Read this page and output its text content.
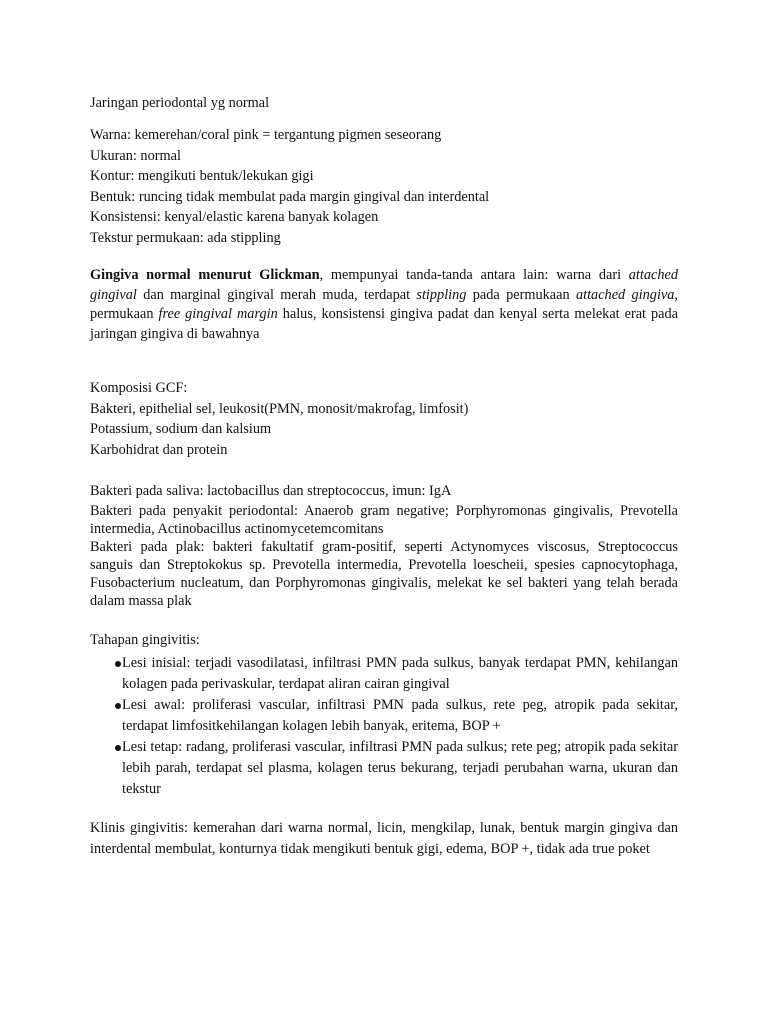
Jaringan periodontal yg normal

Warna: kemerehan/coral pink = tergantung pigmen seseorang
Ukuran: normal
Kontur: mengikuti bentuk/lekukan gigi
Bentuk: runcing tidak membulat pada margin gingival dan interdental
Konsistensi: kenyal/elastic karena banyak kolagen
Tekstur permukaan: ada stippling

Gingiva normal menurut Glickman, mempunyai tanda-tanda antara lain: warna dari attached gingival dan marginal gingival merah muda, terdapat stippling pada permukaan attached gingiva, permukaan free gingival margin halus, konsistensi gingiva padat dan kenyal serta melekat erat pada jaringan gingiva di bawahnya

Komposisi GCF:
Bakteri, epithelial sel, leukosit(PMN, monosit/makrofag, limfosit)
Potassium, sodium dan kalsium
Karbohidrat dan protein
Bakteri pada saliva: lactobacillus dan streptococcus, imun: IgA
Bakteri pada penyakit periodontal: Anaerob gram negative; Porphyromonas gingivalis, Prevotella intermedia, Actinobacillus actinomycetemcomitans
Bakteri pada plak: bakteri fakultatif gram-positif, seperti Actynomyces viscosus, Streptococcus sanguis dan Streptokokus sp. Prevotella intermedia, Prevotella loescheii, spesies capnocytophaga, Fusobacterium nucleatum, dan Porphyromonas gingivalis, melekat ke sel bakteri yang telah berada dalam massa plak
Tahapan gingivitis:
Lesi inisial: terjadi vasodilatasi, infiltrasi PMN pada sulkus, banyak terdapat PMN, kehilangan kolagen pada perivaskular, terdapat aliran cairan gingival
Lesi awal: proliferasi vascular, infiltrasi PMN pada sulkus, rete peg, atropik pada sekitar, terdapat limfositkehilangan kolagen lebih banyak, eritema, BOP +
Lesi tetap: radang, proliferasi vascular, infiltrasi PMN pada sulkus; rete peg; atropik pada sekitar lebih parah, terdapat sel plasma, kolagen terus bekurang, terjadi perubahan warna, ukuran dan tekstur

Klinis gingivitis: kemerahan dari warna normal, licin, mengkilap, lunak, bentuk margin gingiva dan interdental membulat, konturnya tidak mengikuti bentuk gigi, edema, BOP +, tidak ada true poket
